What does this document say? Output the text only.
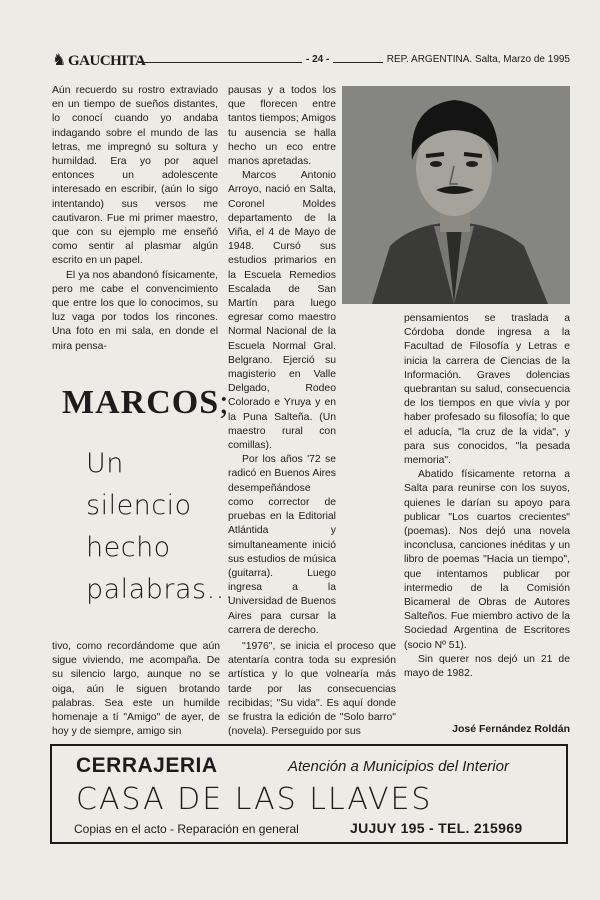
♞ GAUCHITA	- 24 -	REP. ARGENTINA. Salta, Marzo de 1995

Aún recuerdo su rostro extraviado en un tiempo de sueños distantes, lo conocí cuando yo andaba indagando sobre el mundo de las letras, me impregnó su soltura y humildad. Era yo por aquel entonces un adolescente interesado en escribir, (aún lo sigo intentando) sus versos me cautivaron. Fue mi primer maestro, que con su ejemplo me enseñó como sentir al plasmar algún escrito en un papel.

El ya nos abandonó físicamente, pero me cabe el convencimiento que entre los que lo conocimos, su luz vaga por todos los rincones. Una foto en mi sala, en donde el mira pensa-

pausas y a todos los que florecen entre tantos tiempos; Amigos tu ausencia se halla hecho un eco entre manos apretadas.

Marcos Antonio Arroyo, nació en Salta, Coronel Moldes departamento de la Viña, el 4 de Mayo de 1948. Cursó sus estudios primarios en la Escuela Remedios Escalada de San Martín para luego egresar como maestro Normal Nacional de la Escuela Normal Gral. Belgrano. Ejerció su magisterio en Valle Delgado, Rodeo Colorado e Yruya y en la Puna Salteña. (Un maestro rural con comillas).

Por los años '72 se radicó en Buenos Aires desempeñándose como corrector de pruebas en la Editorial Atlántida y simultaneamente inició sus estudios de música (guitarra). Luego ingresa a la Universidad de Buenos Aires para cursar la carrera de derecho.

"1976", se inicia el proceso que atentaría contra toda su expresión artística y lo que volnearía más tarde por las consecuencias recibidas; "Su vida". Es aquí donde se frustra la edición de "Solo barro" (novela). Perseguido por sus

MARCOS;
Un
silencio
hecho
palabras...

tivo, como recordándome que aún sigue viviendo, me acompaña. De su silencio largo, aunque no se oiga, aún le siguen brotando palabras. Sea este un humilde homenaje a tí "Amigo" de ayer, de hoy y de siempre, amigo sin

pensamientos se traslada a Córdoba donde ingresa a la Facultad de Filosofía y Letras e inicia la carrera de Ciencias de la Información. Graves dolencias quebrantan su salud, consecuencia de los tiempos en que vivía y por haber profesado su filosofía; lo que el aducía, "la cruz de la vida", y para sus conocidos, "la pesada memoria".

Abatido físicamente retorna a Salta para reunirse con los suyos, quienes le darían su apoyo para publicar "Los cuartos crecientes" (poemas). Nos dejó una novela inconclusa, canciones inéditas y un libro de poemas "Hacia un tiempo", que intentamos publicar por intermedio de la Comisión Bicameral de Obras de Autores Salteños. Fue miembro activo de la Sociedad Argentina de Escritores (socio Nº 51).

Sin querer nos dejó un 21 de mayo de 1982.

José Fernández Roldán
CERRAJERIA	Atención a Municipios del Interior
CASA DE LAS LLAVES
Copias en el acto - Reparación en general	JUJUY 195 - TEL. 215969
